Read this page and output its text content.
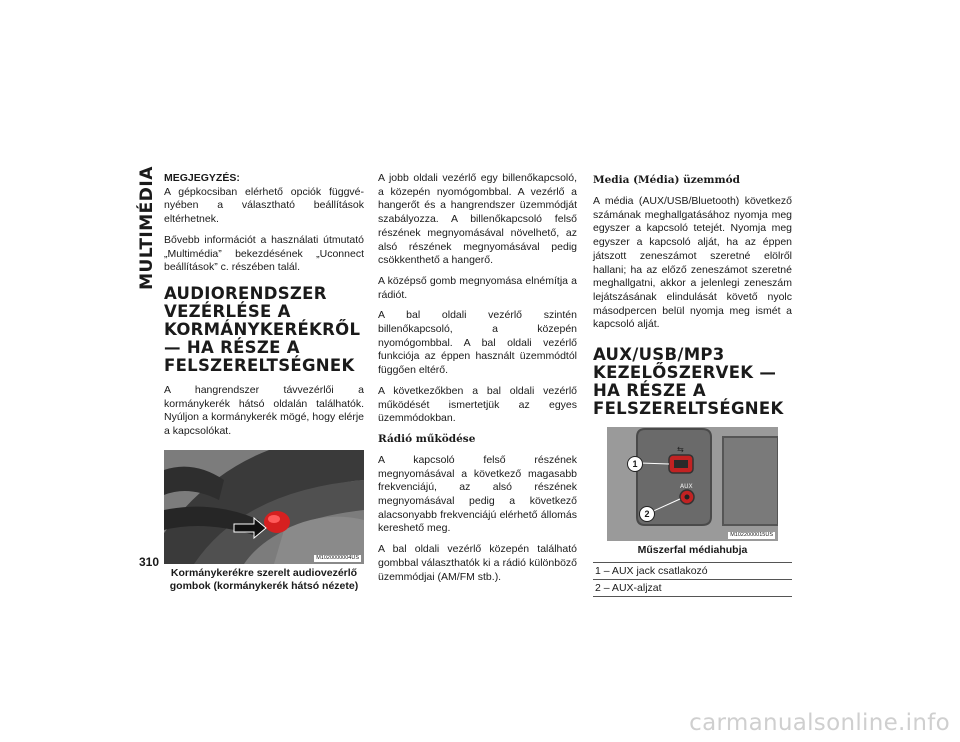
MULTIMÉDIA
310
MEGJEGYZÉS:

A gépkocsiban elérhető opciók függvényében a választható beállítások eltérhetnek.

Bővebb információt a használati útmutató „Multimédia” bekezdésének „Uconnect beállítások” c. részében talál.

AUDIORENDSZER VEZÉRLÉSE A KORMÁNYKERÉKRŐL — HA RÉSZE A FELSZERELTSÉGNEK

A hangrendszer távvezérlői a kormánykerék hátsó oldalán találhatók. Nyúljon a kormánykerék mögé, hogy elérje a kapcsolókat.

M1020000004US
Kormánykerékre szerelt audiovezérlő gombok (kormánykerék hátsó nézete)

A jobb oldali vezérlő egy billenőkapcsoló, a közepén nyomógombbal. A vezérlő a hangerőt és a hangrendszer üzemmódját szabályozza. A billenőkapcsoló felső részének megnyomásával növelhető, az alsó részének megnyomásával pedig csökkenthető a hangerő.

A középső gomb megnyomása elnémítja a rádiót.

A bal oldali vezérlő szintén billenőkapcsoló, a közepén nyomógombbal. A bal oldali vezérlő funkciója az éppen használt üzemmódtól függően eltérő.

A következőkben a bal oldali vezérlő működését ismertetjük az egyes üzemmódokban.

Rádió működése

A kapcsoló felső részének megnyomásával a következő magasabb frekvenciájú, az alsó részének megnyomásával pedig a következő alacsonyabb frekvenciájú elérhető állomás kereshető meg.

A bal oldali vezérlő közepén található gombbal választhatók ki a rádió különböző üzemmódjai (AM/FM stb.).

Media (Média) üzemmód

A média (AUX/USB/Bluetooth) következő számának meghallgatásához nyomja meg egyszer a kapcsoló tetejét. Nyomja meg egyszer a kapcsoló alját, ha az éppen játszott zeneszámot szeretné elölről hallani; ha az előző zeneszámot szeretné meghallgatni, akkor a jelenlegi zeneszám lejátszásának elindulását követő nyolc másodpercen belül nyomja meg ismét a kapcsoló alját.

AUX/USB/MP3 KEZELŐSZERVEK — HA RÉSZE A FELSZERELTSÉGNEK
⇆
AUX
1
2
M1022000015US
Műszerfal médiahubja
1 – AUX jack csatlakozó
2 – AUX-aljzat
carmanualsonline.info
